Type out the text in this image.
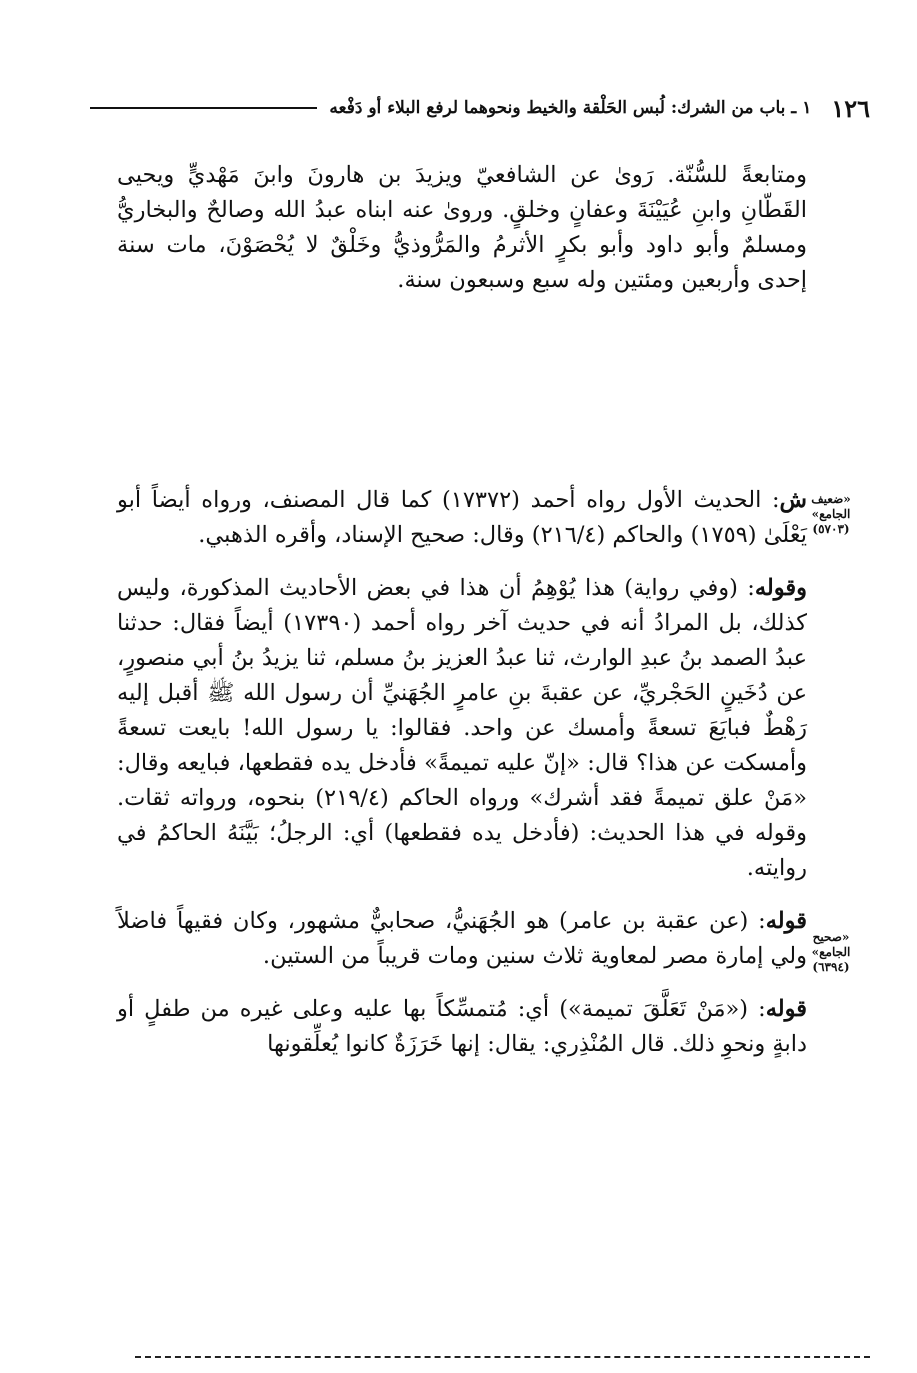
١٢٦
١ ـ باب من الشرك: لُبس الحَلْقة والخيط ونحوهما لرفع البلاء أو دَفْعه

ومتابعةً للسُّنّة. رَوىٰ عن الشافعيّ ويزيدَ بن هارونَ وابنَ مَهْديٍّ ويحيى القَطّانِ وابنِ عُيَيْنَةَ وعفانٍ وخلقٍ. وروىٰ عنه ابناه عبدُ الله وصالحٌ والبخاريُّ ومسلمٌ وأبو داود وأبو بكرٍ الأثرمُ والمَرُّوذيُّ وخَلْقٌ لا يُحْصَوْنَ، مات سنة إحدى وأربعين ومئتين وله سبع وسبعون سنة.

ش: الحديث الأول رواه أحمد (١٧٣٧٢) كما قال المصنف، ورواه أيضاً أبو يَعْلَىٰ (١٧٥٩) والحاكم (٢١٦/٤) وقال: صحيح الإسناد، وأقره الذهبي.

وقوله: (وفي رواية) هذا يُوْهِمُ أن هذا في بعض الأحاديث المذكورة، وليس كذلك، بل المرادُ أنه في حديث آخر رواه أحمد (١٧٣٩٠) أيضاً فقال: حدثنا عبدُ الصمد بنُ عبدِ الوارث، ثنا عبدُ العزيز بنُ مسلم، ثنا يزيدُ بنُ أبي منصورٍ، عن دُخَينٍ الحَجْريِّ، عن عقبةَ بنِ عامرٍ الجُهَنيِّ أن رسول الله ﷺ أقبل إليه رَهْطٌ فبايَعَ تسعةً وأمسك عن واحد. فقالوا: يا رسول الله! بايعت تسعةً وأمسكت عن هذا؟ قال: «إنّ عليه تميمةً» فأدخل يده فقطعها، فبايعه وقال: «مَنْ علق تميمةً فقد أشرك» ورواه الحاكم (٢١٩/٤) بنحوه، ورواته ثقات. وقوله في هذا الحديث: (فأدخل يده فقطعها) أي: الرجلُ؛ بَيَّنَهُ الحاكمُ في روايته.

قوله: (عن عقبة بن عامر) هو الجُهَنيُّ، صحابيٌّ مشهور، وكان فقيهاً فاضلاً ولي إمارة مصر لمعاوية ثلاث سنين ومات قريباً من الستين.

قوله: («مَنْ تَعَلَّقَ تميمة») أي: مُتمسِّكاً بها عليه وعلى غيره من طفلٍ أو دابةٍ ونحوِ ذلك. قال المُنْذِري: يقال: إنها خَرَزَةٌ كانوا يُعلِّقونها

«ضعيف الجامع» (٥٧٠٣)
«صحيح الجامع» (٦٣٩٤)
